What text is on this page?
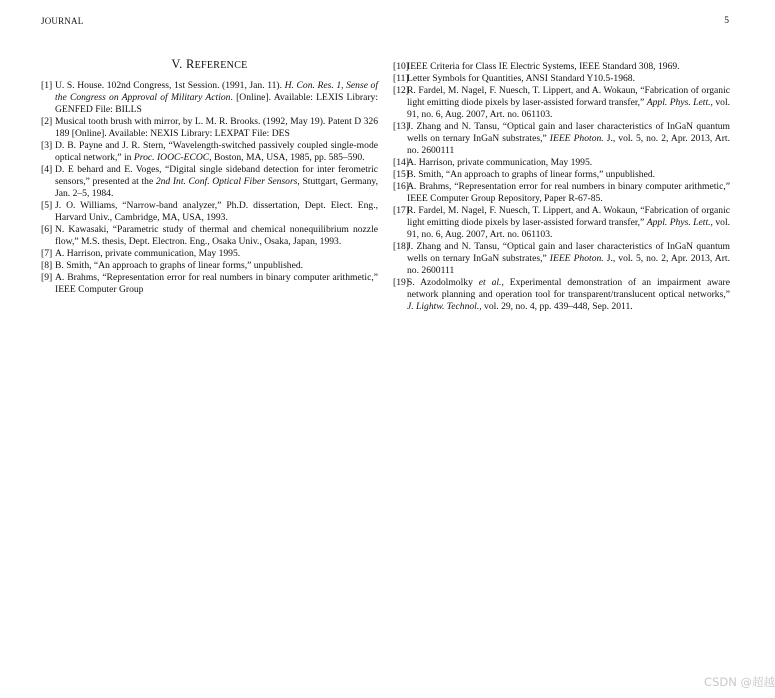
JOURNAL	5
V. REFERENCE
[1] U. S. House. 102nd Congress, 1st Session. (1991, Jan. 11). H. Con. Res. 1, Sense of the Congress on Approval of Military Action. [Online]. Available: LEXIS Library: GENFED File: BILLS
[2] Musical tooth brush with mirror, by L. M. R. Brooks. (1992, May 19). Patent D 326 189 [Online]. Available: NEXIS Library: LEXPAT File: DES
[3] D. B. Payne and J. R. Stern, “Wavelength-switched passively coupled single-mode optical network,” in Proc. IOOC-ECOC, Boston, MA, USA, 1985, pp. 585–590.
[4] D. E behard and E. Voges, “Digital single sideband detection for inter ferometric sensors,” presented at the 2nd Int. Conf. Optical Fiber Sensors, Stuttgart, Germany, Jan. 2–5, 1984.
[5] J. O. Williams, “Narrow-band analyzer,” Ph.D. dissertation, Dept. Elect. Eng., Harvard Univ., Cambridge, MA, USA, 1993.
[6] N. Kawasaki, “Parametric study of thermal and chemical nonequilibrium nozzle flow,” M.S. thesis, Dept. Electron. Eng., Osaka Univ., Osaka, Japan, 1993.
[7] A. Harrison, private communication, May 1995.
[8] B. Smith, “An approach to graphs of linear forms,” unpublished.
[9] A. Brahms, “Representation error for real numbers in binary computer arithmetic,” IEEE Computer Group
[10]
IEEE Criteria for Class IE Electric Systems, IEEE Standard 308, 1969.
[11]
Letter Symbols for Quantities, ANSI Standard Y10.5-1968.
[12]
R. Fardel, M. Nagel, F. Nuesch, T. Lippert, and A. Wokaun, “Fabrication of organic light emitting diode pixels by laser-assisted forward transfer,” Appl. Phys. Lett., vol. 91, no. 6, Aug. 2007, Art. no. 061103.
[13]
J. Zhang and N. Tansu, “Optical gain and laser characteristics of InGaN quantum wells on ternary InGaN substrates,” IEEE Photon. J., vol. 5, no. 2, Apr. 2013, Art. no. 2600111
[14]
A. Harrison, private communication, May 1995.
[15]
B. Smith, “An approach to graphs of linear forms,” unpublished.
[16]
A. Brahms, “Representation error for real numbers in binary computer arithmetic,” IEEE Computer Group Repository, Paper R-67-85.
[17]
R. Fardel, M. Nagel, F. Nuesch, T. Lippert, and A. Wokaun, “Fabrication of organic light emitting diode pixels by laser-assisted forward transfer,” Appl. Phys. Lett., vol. 91, no. 6, Aug. 2007, Art. no. 061103.
[18]
J. Zhang and N. Tansu, “Optical gain and laser characteristics of InGaN quantum wells on ternary InGaN substrates,” IEEE Photon. J., vol. 5, no. 2, Apr. 2013, Art. no. 2600111
[19]
S. Azodolmolky et al., Experimental demonstration of an impairment aware network planning and operation tool for transparent/translucent optical networks,” J. Lightw. Technol., vol. 29, no. 4, pp. 439–448, Sep. 2011.
CSDN @超越
